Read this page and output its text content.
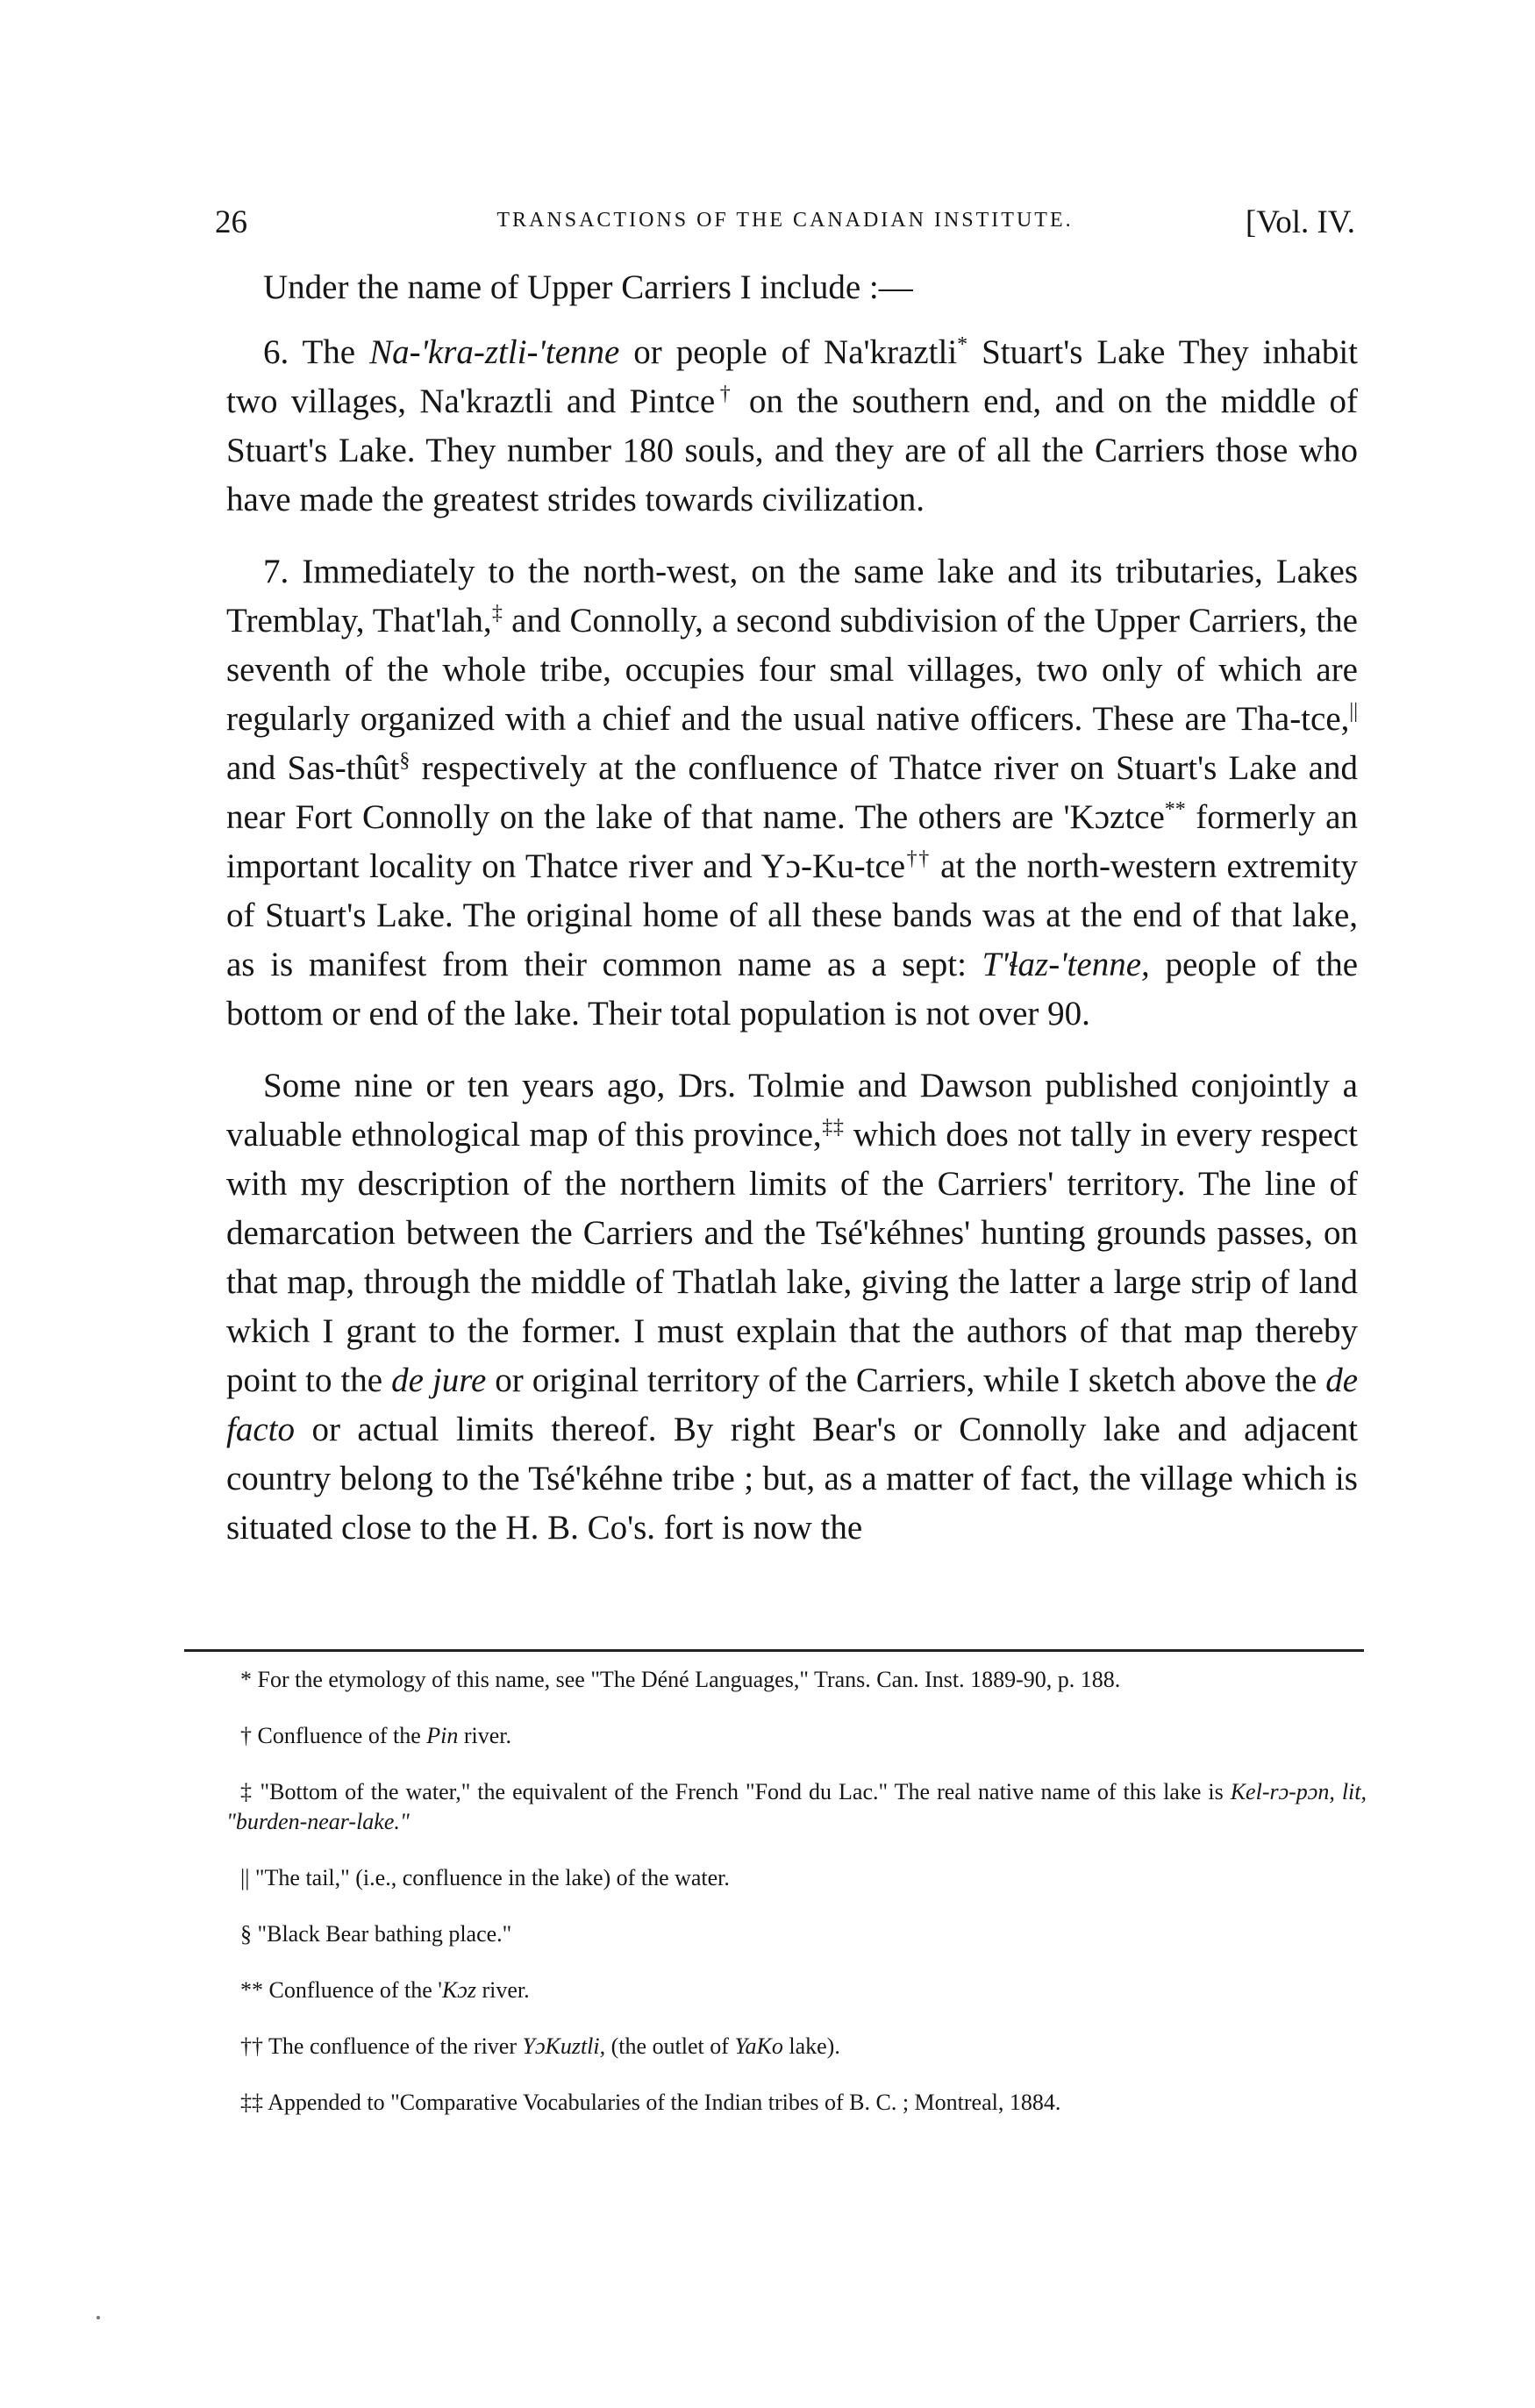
26	TRANSACTIONS OF THE CANADIAN INSTITUTE.	[Vol. IV.

Under the name of Upper Carriers I include :—

6. The Na-'kra-ztli-'tenne or people of Na'kraztli* Stuart's Lake They inhabit two villages, Na'kraztli and Pintce† on the southern end, and on the middle of Stuart's Lake. They number 180 souls, and they are of all the Carriers those who have made the greatest strides towards civilization.

7. Immediately to the north-west, on the same lake and its tributaries, Lakes Tremblay, That'lah,‡ and Connolly, a second subdivision of the Upper Carriers, the seventh of the whole tribe, occupies four smal villages, two only of which are regularly organized with a chief and the usual native officers. These are Tha-tce,|| and Sas-thût§ respectively at the confluence of Thatce river on Stuart's Lake and near Fort Connolly on the lake of that name. The others are 'Kɔztce** formerly an important locality on Thatce river and Yɔ-Ku-tce†† at the north-western extremity of Stuart's Lake. The original home of all these bands was at the end of that lake, as is manifest from their common name as a sept: T'ɬaz-'tenne, people of the bottom or end of the lake. Their total population is not over 90.

Some nine or ten years ago, Drs. Tolmie and Dawson published conjointly a valuable ethnological map of this province,‡‡ which does not tally in every respect with my description of the northern limits of the Carriers' territory. The line of demarcation between the Carriers and the Tsé'kéhnes' hunting grounds passes, on that map, through the middle of Thatlah lake, giving the latter a large strip of land wkich I grant to the former. I must explain that the authors of that map thereby point to the de jure or original territory of the Carriers, while I sketch above the de facto or actual limits thereof. By right Bear's or Connolly lake and adjacent country belong to the Tsé'kéhne tribe ; but, as a matter of fact, the village which is situated close to the H. B. Co's. fort is now the

* For the etymology of this name, see "The Déné Languages," Trans. Can. Inst. 1889-90, p. 188.

† Confluence of the Pin river.

‡ "Bottom of the water," the equivalent of the French "Fond du Lac." The real native name of this lake is Kel-rɔ-pɔn, lit, "burden-near-lake."

|| "The tail," (i.e., confluence in the lake) of the water.

§ "Black Bear bathing place."

** Confluence of the 'Kɔz river.

†† The confluence of the river YɔKuztli, (the outlet of YaKo lake).

‡‡ Appended to "Comparative Vocabularies of the Indian tribes of B. C. ; Montreal, 1884.
